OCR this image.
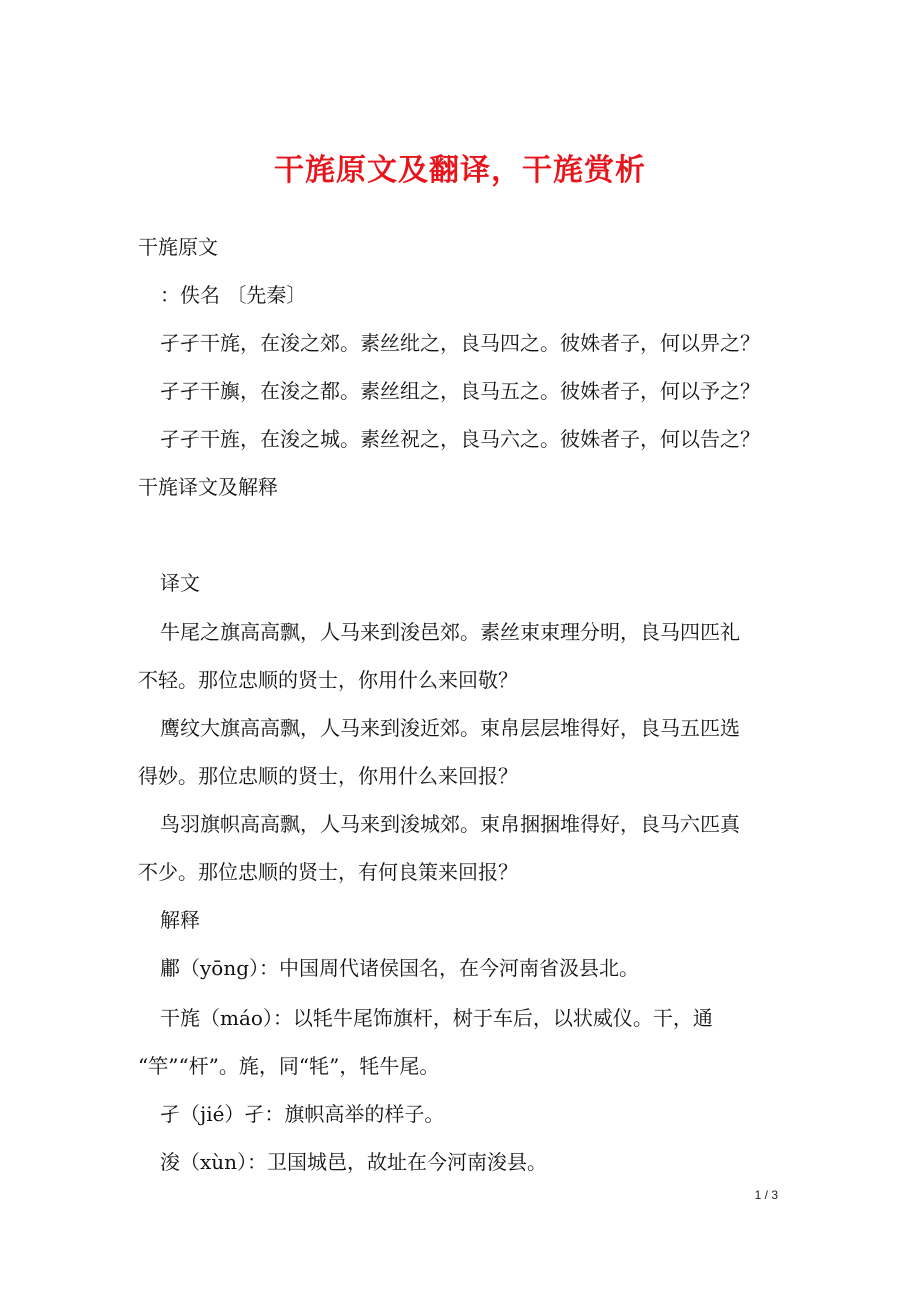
干旄原文及翻译，干旄赏析
干旄原文
：佚名 〔先秦〕
孑孑干旄，在浚之郊。素丝纰之，良马四之。彼姝者子，何以畀之？
孑孑干旟，在浚之都。素丝组之，良马五之。彼姝者子，何以予之？
孑孑干旌，在浚之城。素丝祝之，良马六之。彼姝者子，何以告之？
干旄译文及解释
译文
牛尾之旗高高飘，人马来到浚邑郊。素丝束束理分明，良马四匹礼
不轻。那位忠顺的贤士，你用什么来回敬？
鹰纹大旗高高飘，人马来到浚近郊。束帛层层堆得好，良马五匹选
得妙。那位忠顺的贤士，你用什么来回报？
鸟羽旗帜高高飘，人马来到浚城郊。束帛捆捆堆得好，良马六匹真
不少。那位忠顺的贤士，有何良策来回报？
解释
鄘（yōng）：中国周代诸侯国名，在今河南省汲县北。
干旄（máo）：以牦牛尾饰旗杆，树于车后，以状威仪。干，通
“竿”“杆”。旄，同“牦”，牦牛尾。
孑（jié）孑：旗帜高举的样子。
浚（xùn）：卫国城邑，故址在今河南浚县。
1 / 3
